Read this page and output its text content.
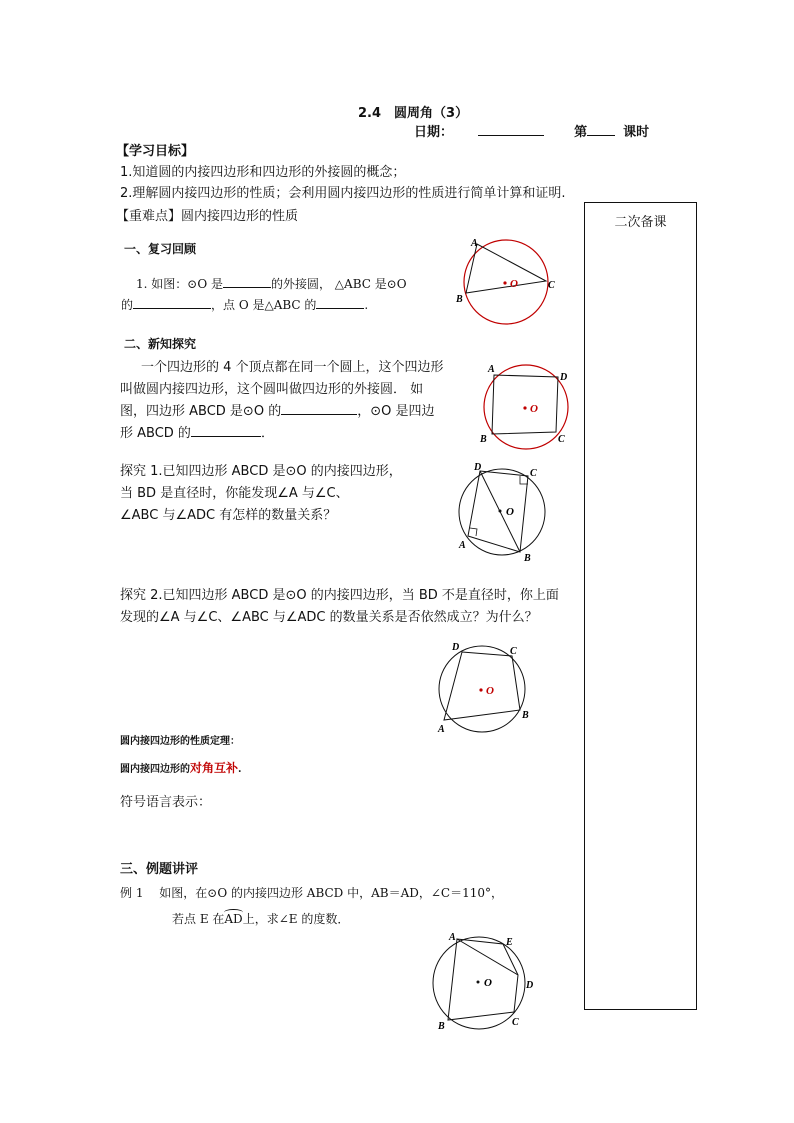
2.4　圆周角（3）
日期：	第	课时
【学习目标】
1.知道圆的内接四边形和四边形的外接圆的概念；
2.理解圆内接四边形的性质；会利用圆内接四边形的性质进行简单计算和证明.
【重难点】圆内接四边形的性质	二次备课
一、复习回顾
1. 如图：⊙O 是	的外接圆， △ABC 是⊙O
的	，点 O 是△ABC 的	.
A
B
C
O
二、新知探究
一个四边形的 4 个顶点都在同一个圆上，这个四边形
叫做圆内接四边形，这个圆叫做四边形的外接圆． 如
图，四边形 ABCD 是⊙O 的	，⊙O 是四边
形 ABCD 的	．
A
B	C
D
O
探究 1.已知四边形 ABCD 是⊙O 的内接四边形，
当 BD 是直径时，你能发现∠A 与∠C、
∠ABC 与∠ADC 有怎样的数量关系？
D
C
A
B
O
探究 2.已知四边形 ABCD 是⊙O 的内接四边形，当 BD 不是直径时，你上面
发现的∠A 与∠C、∠ABC 与∠ADC 的数量关系是否依然成立？为什么？
D	C
B
A
O
圆内接四边形的性质定理：
圆内接四边形的对角互补.
符号语言表示：
三、例题讲评
例 1　 如图，在⊙O 的内接四边形 ABCD 中，AB＝AD，∠C＝110°，
若点 E 在AD上，求∠E 的度数．
A	E
D
C
B
O
